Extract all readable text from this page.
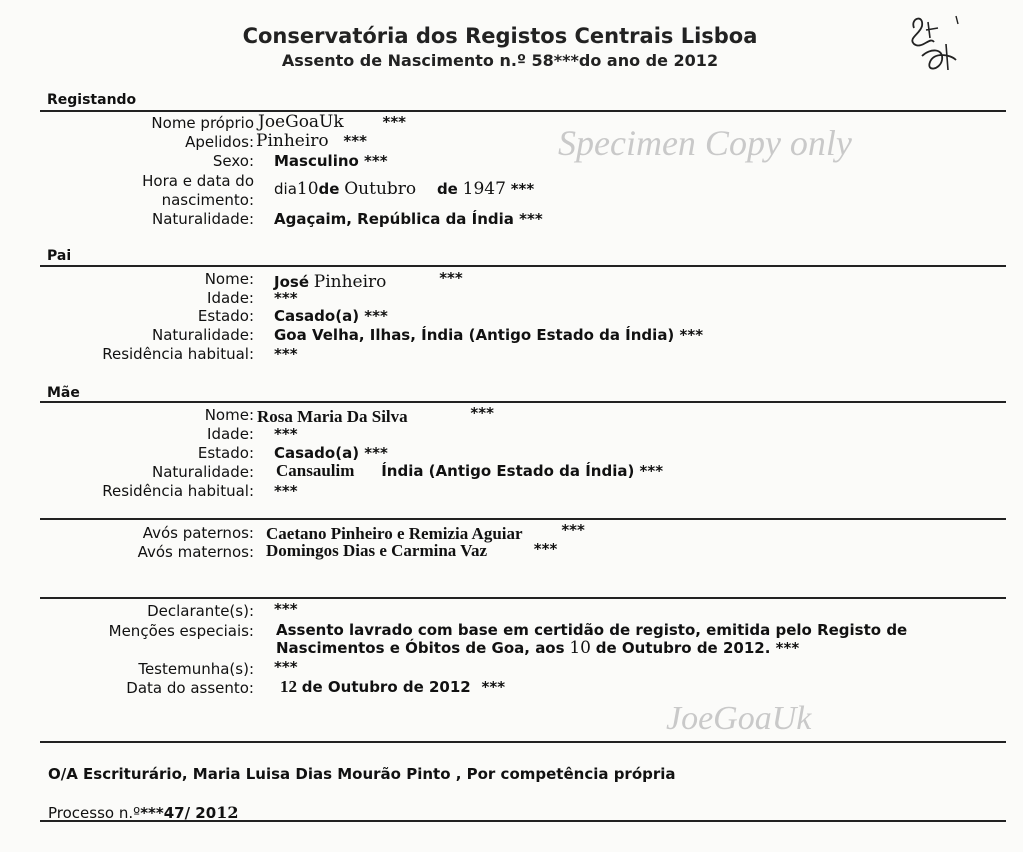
Conservatória dos Registos Centrais Lisboa
Assento de Nascimento n.º 58***do ano de 2012
Specimen Copy only
JoeGoaUk
Registando
Nome próprio JoeGoaUk	***
Apelidos: Pinheiro ***
Sexo: Masculino ***
Hora e data do
nascimento:
dia10de Outubro de 1947 ***
Naturalidade: Agaçaim, República da Índia ***
Pai
Nome: José Pinheiro	***
Idade: ***
Estado: Casado(a) ***
Naturalidade: Goa Velha, Ilhas, Índia (Antigo Estado da Índia) ***
Residência habitual: ***
Mãe
Nome: Rosa Maria Da Silva	***
Idade: ***
Estado: Casado(a) ***
Naturalidade: Cansaulim Índia (Antigo Estado da Índia) ***
Residência habitual: ***
Avós paternos: Caetano Pinheiro e Remizia Aguiar	***
Avós maternos: Domingos Dias e Carmina Vaz	***
Declarante(s): ***
Menções especiais: Assento lavrado com base em certidão de registo, emitida pelo Registo de
Nascimentos e Óbitos de Goa, aos 10 de Outubro de 2012. ***
Testemunha(s): ***
Data do assento: 12 de Outubro de 2012 ***
O/A Escriturário, Maria Luisa Dias Mourão Pinto , Por competência própria
Processo n.º***47/ 2012
